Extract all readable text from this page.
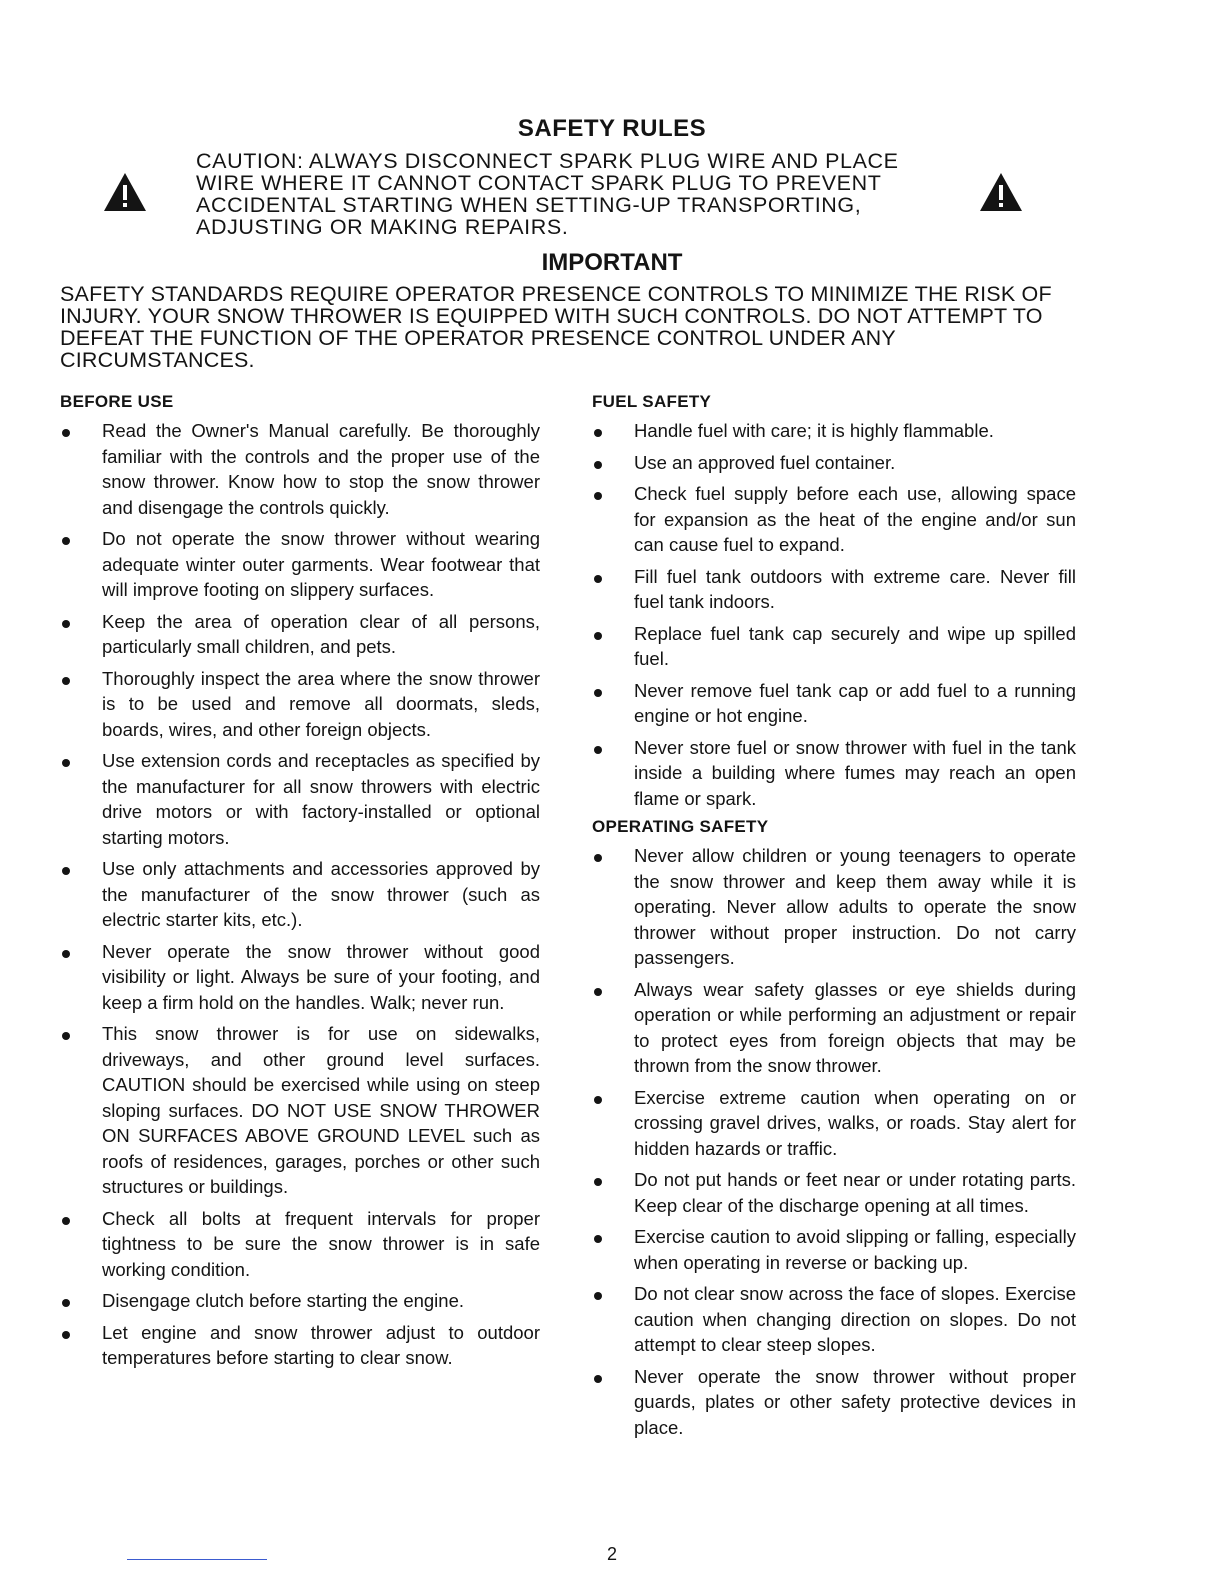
SAFETY RULES

CAUTION: ALWAYS DISCONNECT SPARK PLUG WIRE AND PLACE WIRE WHERE IT CANNOT CONTACT SPARK PLUG TO PREVENT ACCIDENTAL STARTING WHEN SETTING-UP TRANSPORTING, ADJUSTING OR MAKING REPAIRS.

IMPORTANT

SAFETY STANDARDS REQUIRE OPERATOR PRESENCE CONTROLS TO MINIMIZE THE RISK OF INJURY. YOUR SNOW THROWER IS EQUIPPED WITH SUCH CONTROLS. DO NOT ATTEMPT TO DEFEAT THE FUNCTION OF THE OPERATOR PRESENCE CONTROL UNDER ANY CIRCUMSTANCES.

BEFORE USE
Read the Owner's Manual carefully. Be thoroughly familiar with the controls and the proper use of the snow thrower. Know how to stop the snow thrower and disengage the controls quickly.
Do not operate the snow thrower without wearing adequate winter outer garments. Wear footwear that will improve footing on slippery surfaces.
Keep the area of operation clear of all persons, particularly small children, and pets.
Thoroughly inspect the area where the snow thrower is to be used and remove all doormats, sleds, boards, wires, and other foreign objects.
Use extension cords and receptacles as specified by the manufacturer for all snow throwers with electric drive motors or with factory-installed or optional starting motors.
Use only attachments and accessories approved by the manufacturer of the snow thrower (such as electric starter kits, etc.).
Never operate the snow thrower without good visibility or light. Always be sure of your footing, and keep a firm hold on the handles. Walk; never run.
This snow thrower is for use on sidewalks, driveways, and other ground level surfaces. CAUTION should be exercised while using on steep sloping surfaces. DO NOT USE SNOW THROWER ON SURFACES ABOVE GROUND LEVEL such as roofs of residences, garages, porches or other such structures or buildings.
Check all bolts at frequent intervals for proper tightness to be sure the snow thrower is in safe working condition.
Disengage clutch before starting the engine.
Let engine and snow thrower adjust to outdoor temperatures before starting to clear snow.
FUEL SAFETY
Handle fuel with care; it is highly flammable.
Use an approved fuel container.
Check fuel supply before each use, allowing space for expansion as the heat of the engine and/or sun can cause fuel to expand.
Fill fuel tank outdoors with extreme care. Never fill fuel tank indoors.
Replace fuel tank cap securely and wipe up spilled fuel.
Never remove fuel tank cap or add fuel to a running engine or hot engine.
Never store fuel or snow thrower with fuel in the tank inside a building where fumes may reach an open flame or spark.
OPERATING SAFETY
Never allow children or young teenagers to operate the snow thrower and keep them away while it is operating. Never allow adults to operate the snow thrower without proper instruction. Do not carry passengers.
Always wear safety glasses or eye shields during operation or while performing an adjustment or repair to protect eyes from foreign objects that may be thrown from the snow thrower.
Exercise extreme caution when operating on or crossing gravel drives, walks, or roads. Stay alert for hidden hazards or traffic.
Do not put hands or feet near or under rotating parts. Keep clear of the discharge opening at all times.
Exercise caution to avoid slipping or falling, especially when operating in reverse or backing up.
Do not clear snow across the face of slopes. Exercise caution when changing direction on slopes. Do not attempt to clear steep slopes.
Never operate the snow thrower without proper guards, plates or other safety protective devices in place.

2
